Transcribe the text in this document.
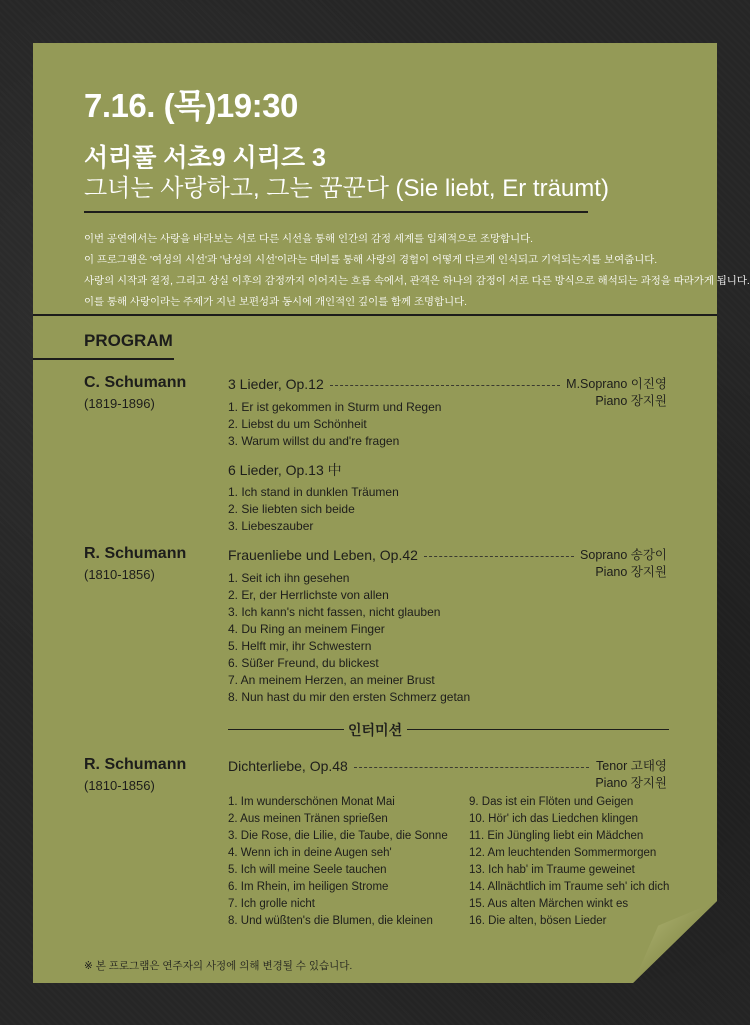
7.16. (목)19:30
서리풀 서초9 시리즈 3
그녀는 사랑하고, 그는 꿈꾼다 (Sie liebt, Er träumt)
이번 공연에서는 사랑을 바라보는 서로 다른 시선을 통해 인간의 감정 세계를 입체적으로 조망합니다.
이 프로그램은 '여성의 시선'과 '남성의 시선'이라는 대비를 통해 사랑의 경험이 어떻게 다르게 인식되고 기억되는지를 보여줍니다.
사랑의 시작과 절정, 그리고 상실 이후의 감정까지 이어지는 흐름 속에서, 관객은 하나의 감정이 서로 다른 방식으로 해석되는 과정을 따라가게 됩니다.
이를 통해 사랑이라는 주제가 지닌 보편성과 동시에 개인적인 깊이를 함께 조명합니다.
PROGRAM
C. Schumann
(1819-1896)
3 Lieder, Op.12	M.Soprano 이진영
Piano 장지원
1. Er ist gekommen in Sturm und Regen
2. Liebst du um Schönheit
3. Warum willst du and're fragen
6 Lieder, Op.13 中
1. Ich stand in dunklen Träumen
2. Sie liebten sich beide
3. Liebeszauber
R. Schumann
(1810-1856)
Frauenliebe und Leben, Op.42	Soprano 송강이
Piano 장지원
1. Seit ich ihn gesehen
2. Er, der Herrlichste von allen
3. Ich kann's nicht fassen, nicht glauben
4. Du Ring an meinem Finger
5. Helft mir, ihr Schwestern
6. Süßer Freund, du blickest
7. An meinem Herzen, an meiner Brust
8. Nun hast du mir den ersten Schmerz getan
인터미션
R. Schumann
(1810-1856)
Dichterliebe, Op.48	Tenor 고태영
Piano 장지원
1. Im wunderschönen Monat Mai
2. Aus meinen Tränen sprießen
3. Die Rose, die Lilie, die Taube, die Sonne
4. Wenn ich in deine Augen seh'
5. Ich will meine Seele tauchen
6. Im Rhein, im heiligen Strome
7. Ich grolle nicht
8. Und wüßten's die Blumen, die kleinen
9. Das ist ein Flöten und Geigen
10. Hör' ich das Liedchen klingen
11. Ein Jüngling liebt ein Mädchen
12. Am leuchtenden Sommermorgen
13. Ich hab' im Traume geweinet
14. Allnächtlich im Traume seh' ich dich
15. Aus alten Märchen winkt es
16. Die alten, bösen Lieder
※ 본 프로그램은 연주자의 사정에 의해 변경될 수 있습니다.
